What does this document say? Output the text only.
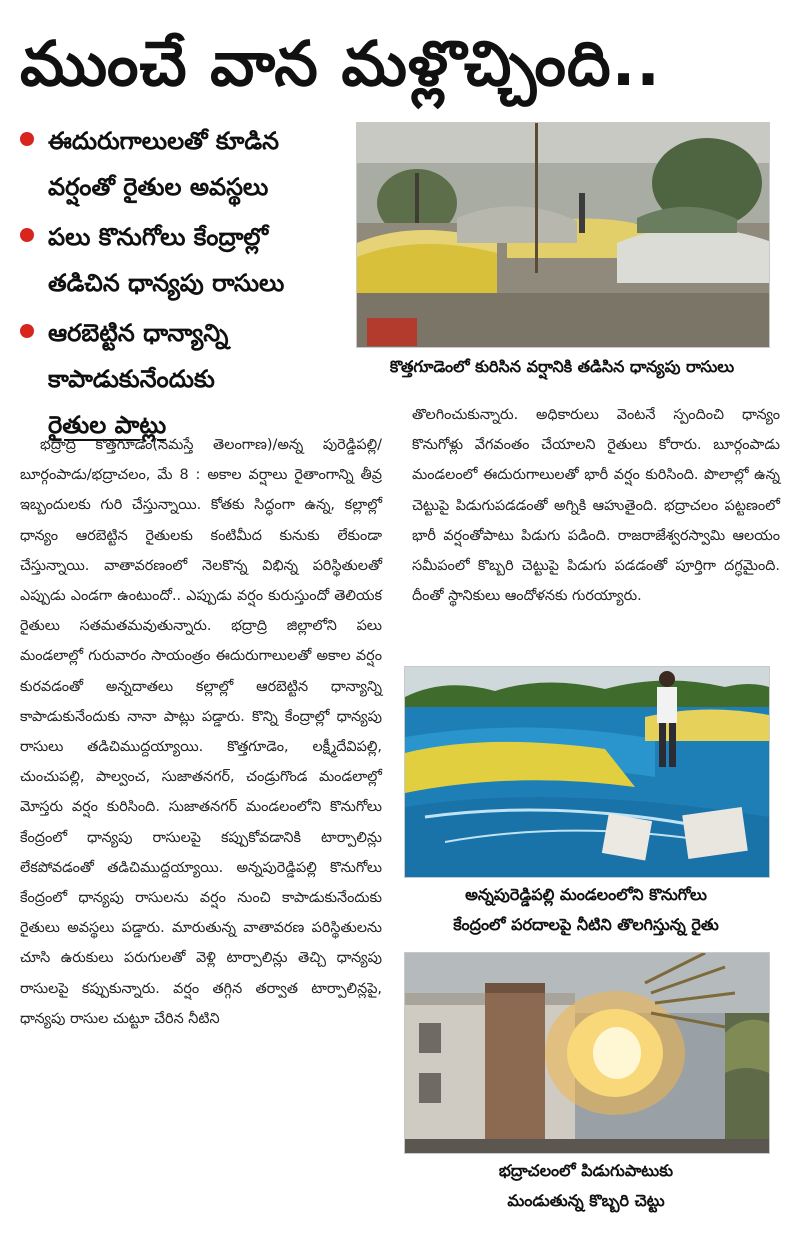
ముంచే వాన మళ్లొచ్చింది..
ఈదురుగాలులతో కూడిన
వర్షంతో రైతుల అవస్థలు
పలు కొనుగోలు కేంద్రాల్లో
తడిచిన ధాన్యపు రాసులు
ఆరబెట్టిన ధాన్యాన్ని
కాపాడుకునేందుకు
రైతుల పాట్లు
కొత్తగూడెంలో కురిసిన వర్షానికి తడిసిన ధాన్యపు రాసులు

భద్రాద్రి కొత్తగూడెం(నమస్తే తెలంగాణ)/అన్న పురెడ్డిపల్లి/ బూర్గంపాడు/భద్రాచలం, మే 8 : అకాల వర్షాలు రైతాంగాన్ని తీవ్ర ఇబ్బందులకు గురి చేస్తున్నాయి. కోతకు సిద్ధంగా ఉన్న, కల్లాల్లో ధాన్యం ఆరబెట్టిన రైతులకు కంటిమీద కునుకు లేకుండా చేస్తున్నాయి. వాతావరణంలో నెలకొన్న విభిన్న పరిస్థితులతో ఎప్పుడు ఎండగా ఉంటుందో.. ఎప్పుడు వర్షం కురుస్తుందో తెలియక రైతులు సతమతమవుతున్నారు. భద్రాద్రి జిల్లాలోని పలు మండలాల్లో గురువారం సాయంత్రం ఈదురుగాలులతో అకాల వర్షం కురవడంతో అన్నదాతలు కల్లాల్లో ఆరబెట్టిన ధాన్యాన్ని కాపాడుకునేందుకు నానా పాట్లు పడ్డారు. కొన్ని కేంద్రాల్లో ధాన్యపు రాసులు తడిచిముద్దయ్యాయి. కొత్తగూడెం, లక్ష్మీదేవిపల్లి, చుంచుపల్లి, పాల్వంచ, సుజాతనగర్, చండ్రుగొండ మండలాల్లో మోస్తరు వర్షం కురిసింది. సుజాతనగర్ మండలంలోని కొనుగోలు కేంద్రంలో ధాన్యపు రాసులపై కప్పుకోవడానికి టార్పాలిన్లు లేకపోవడంతో తడిచిముద్దయ్యాయి. అన్నపురెడ్డిపల్లి కొనుగోలు కేంద్రంలో ధాన్యపు రాసులను వర్షం నుంచి కాపాడుకునేందుకు రైతులు అవస్థలు పడ్డారు. మారుతున్న వాతావరణ పరిస్థితులను చూసి ఉరుకులు పరుగులతో వెళ్లి టార్పాలిన్లు తెచ్చి ధాన్యపు రాసులపై కప్పుకున్నారు. వర్షం తగ్గిన తర్వాత టార్పాలిన్లపై, ధాన్యపు రాసుల చుట్టూ చేరిన నీటిని

తొలగించుకున్నారు. అధికారులు వెంటనే స్పందించి ధాన్యం కొనుగోళ్లు వేగవంతం చేయాలని రైతులు కోరారు. బూర్గంపాడు మండలంలో ఈదురుగాలులతో భారీ వర్షం కురిసింది. పొలాల్లో ఉన్న చెట్టుపై పిడుగుపడడంతో అగ్నికి ఆహుతైంది. భద్రాచలం పట్టణంలో భారీ వర్షంతోపాటు పిడుగు పడింది. రాజరాజేశ్వరస్వామి ఆలయం సమీపంలో కొబ్బరి చెట్టుపై పిడుగు పడడంతో పూర్తిగా దగ్ధమైంది. దీంతో స్థానికులు ఆందోళనకు గురయ్యారు.

అన్నపురెడ్డిపల్లి మండలంలోని కొనుగోలు
కేంద్రంలో పరదాలపై నీటిని తొలగిస్తున్న రైతు
భద్రాచలంలో పిడుగుపాటుకు
మండుతున్న కొబ్బరి చెట్టు
